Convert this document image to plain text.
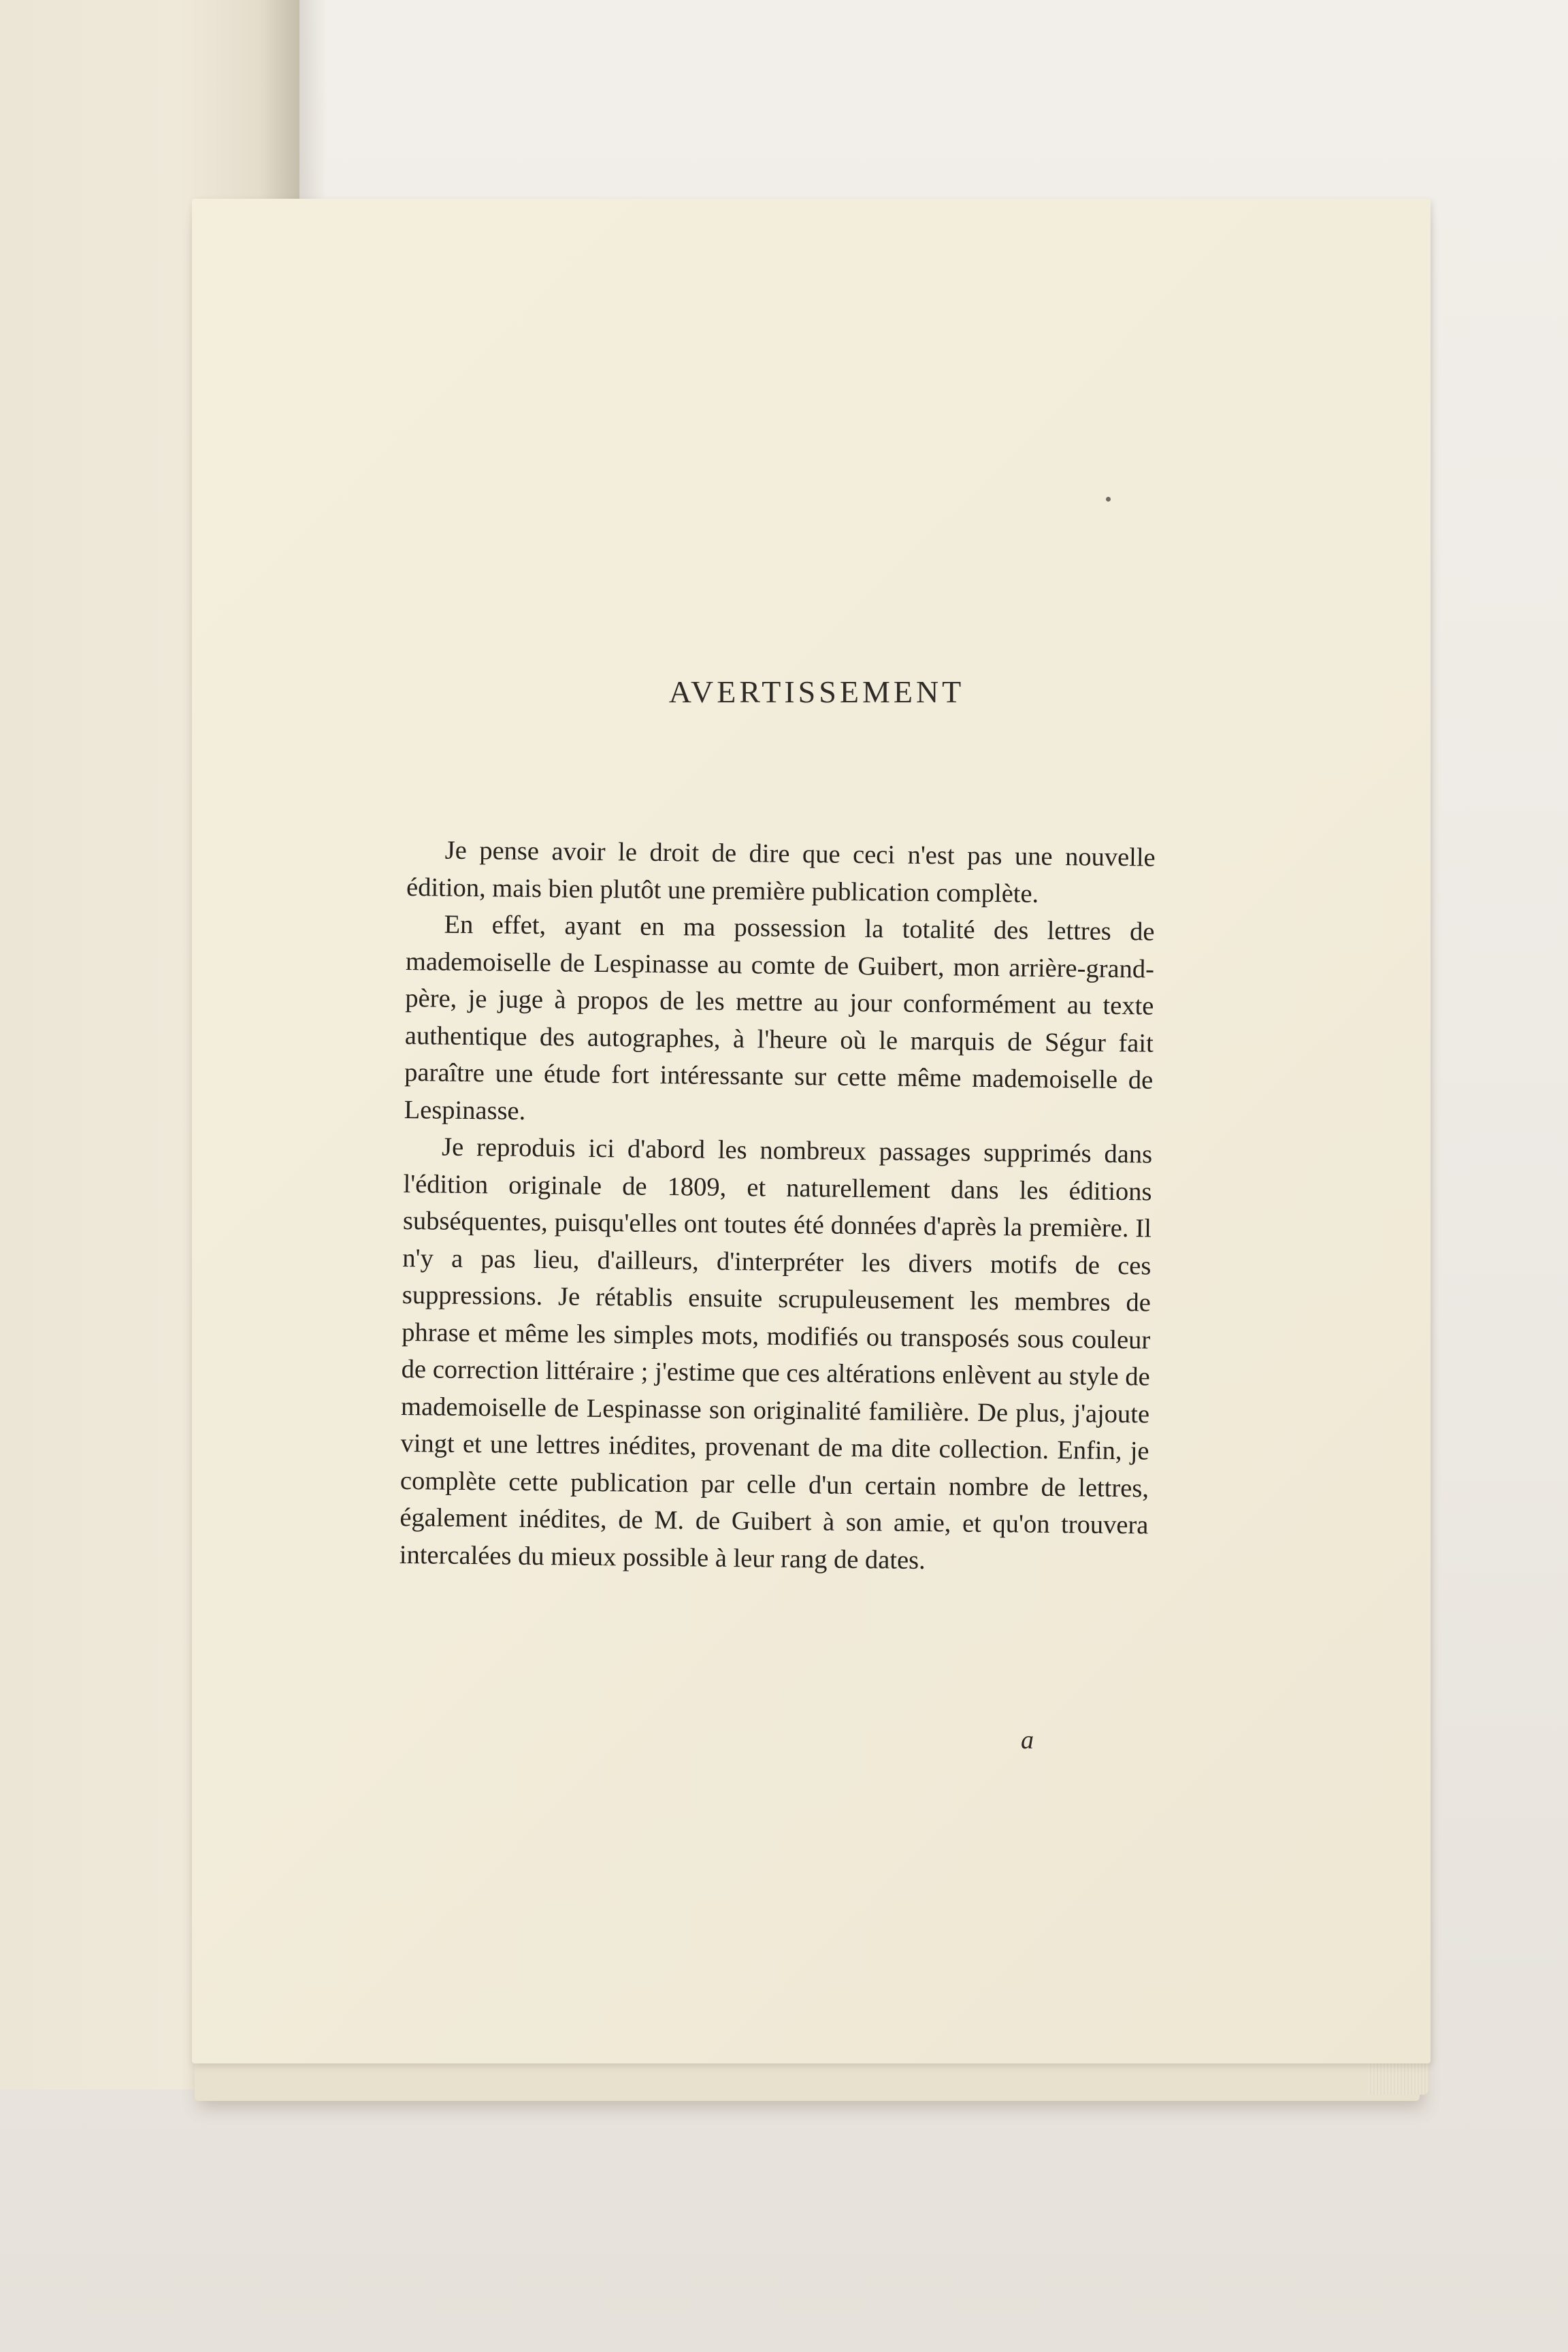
AVERTISSEMENT

Je pense avoir le droit de dire que ceci n'est pas une nouvelle édition, mais bien plutôt une première publication complète.

En effet, ayant en ma possession la totalité des lettres de mademoiselle de Lespinasse au comte de Guibert, mon arrière-grand-père, je juge à propos de les mettre au jour conformément au texte authentique des autographes, à l'heure où le marquis de Ségur fait paraître une étude fort intéressante sur cette même mademoiselle de Lespinasse.

Je reproduis ici d'abord les nombreux passages supprimés dans l'édition originale de 1809, et naturellement dans les éditions subséquentes, puisqu'elles ont toutes été données d'après la première. Il n'y a pas lieu, d'ailleurs, d'interpréter les divers motifs de ces suppressions. Je rétablis ensuite scrupuleusement les membres de phrase et même les simples mots, modifiés ou transposés sous couleur de correction littéraire ; j'estime que ces altérations enlèvent au style de mademoiselle de Lespinasse son originalité familière. De plus, j'ajoute vingt et une lettres inédites, provenant de ma dite collection. Enfin, je complète cette publication par celle d'un certain nombre de lettres, également inédites, de M. de Guibert à son amie, et qu'on trouvera intercalées du mieux possible à leur rang de dates.

a
